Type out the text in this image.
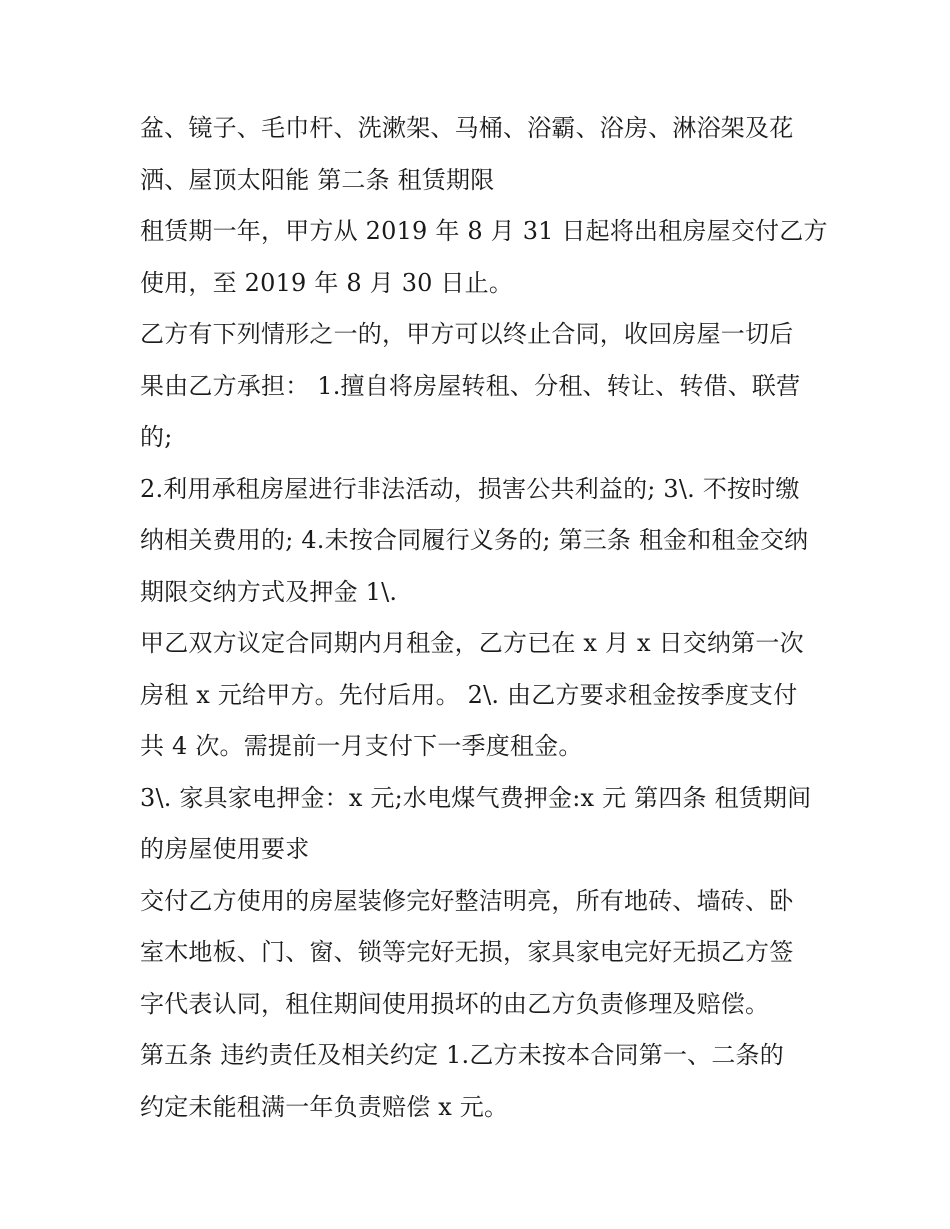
盆、镜子、毛巾杆、洗漱架、马桶、浴霸、浴房、淋浴架及花
洒、屋顶太阳能 第二条 租赁期限
租赁期一年，甲方从 2019 年 8 月 31 日起将出租房屋交付乙方
使用，至 2019 年 8 月 30 日止。
乙方有下列情形之一的，甲方可以终止合同，收回房屋一切后
果由乙方承担： 1.擅自将房屋转租、分租、转让、转借、联营
的;
2.利用承租房屋进行非法活动，损害公共利益的; 3\. 不按时缴
纳相关费用的; 4.未按合同履行义务的; 第三条 租金和租金交纳
期限交纳方式及押金 1\.
甲乙双方议定合同期内月租金，乙方已在 x 月 x 日交纳第一次
房租 x 元给甲方。先付后用。 2\. 由乙方要求租金按季度支付
共 4 次。需提前一月支付下一季度租金。
3\. 家具家电押金：x 元;水电煤气费押金:x 元 第四条 租赁期间
的房屋使用要求
交付乙方使用的房屋装修完好整洁明亮，所有地砖、墙砖、卧
室木地板、门、窗、锁等完好无损，家具家电完好无损乙方签
字代表认同，租住期间使用损坏的由乙方负责修理及赔偿。
第五条 违约责任及相关约定 1.乙方未按本合同第一、二条的
约定未能租满一年负责赔偿 x 元。
